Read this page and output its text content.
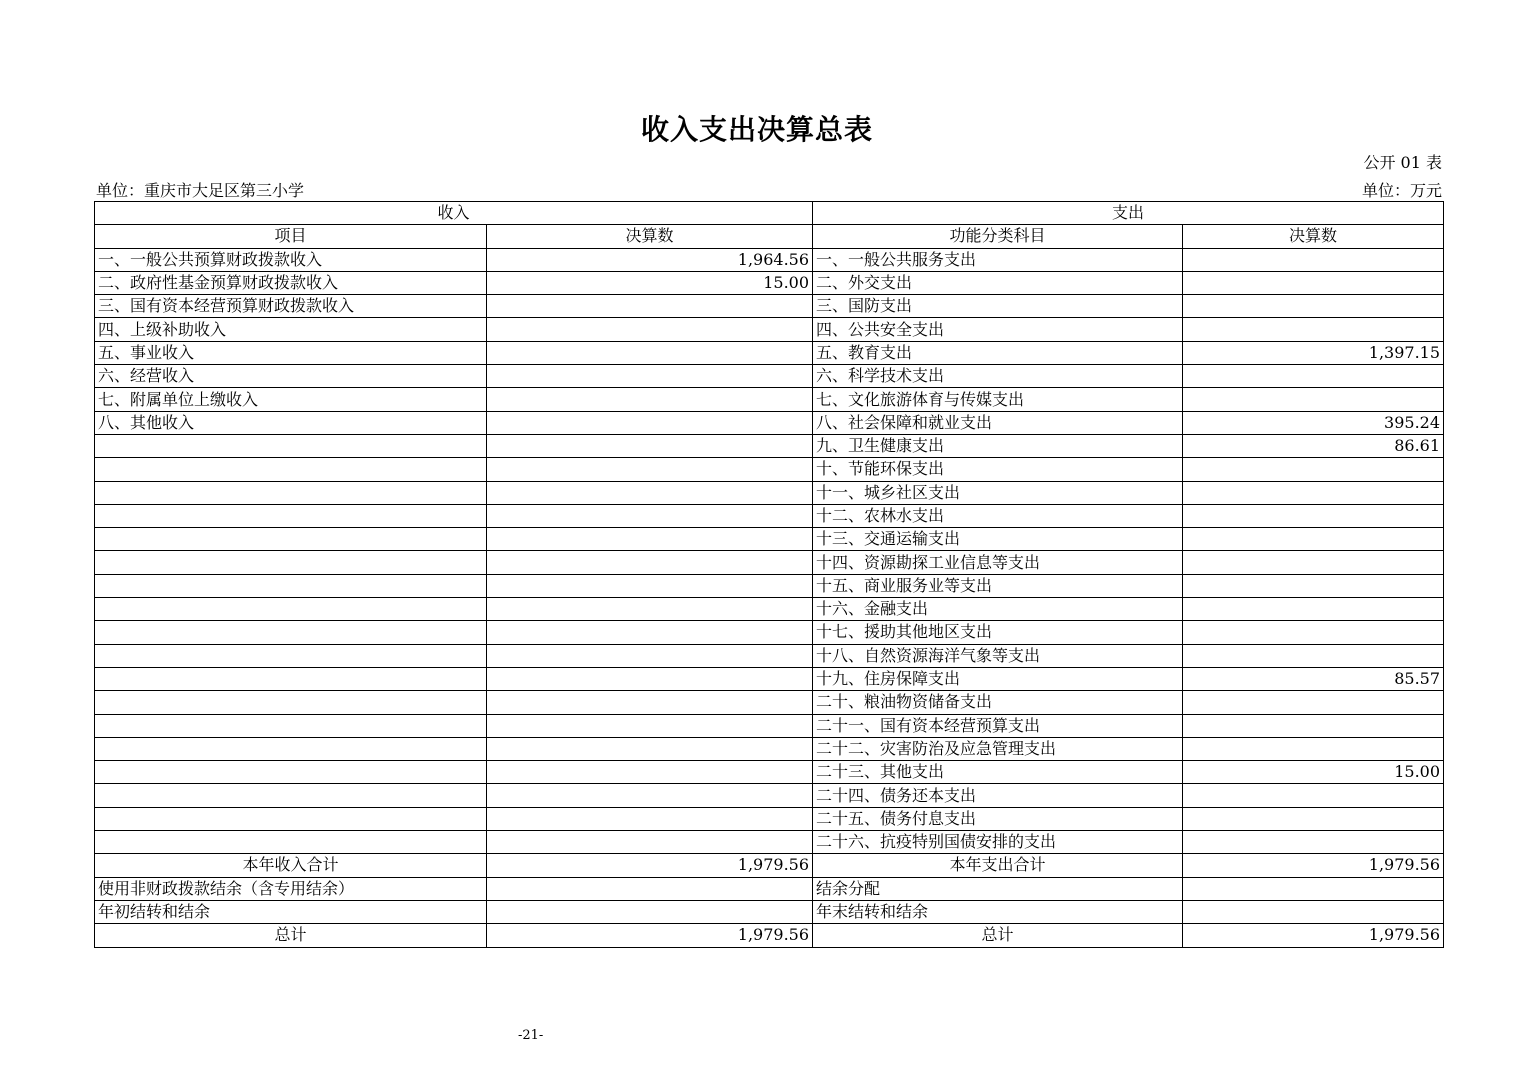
收入支出决算总表
公开 01 表
单位：重庆市大足区第三小学	单位：万元
收入		支出	
项目	决算数	功能分类科目	决算数
一、一般公共预算财政拨款收入	1,964.56	一、一般公共服务支出	
二、政府性基金预算财政拨款收入	15.00	二、外交支出	
三、国有资本经营预算财政拨款收入		三、国防支出	
四、上级补助收入		四、公共安全支出	
五、事业收入		五、教育支出	1,397.15
六、经营收入		六、科学技术支出	
七、附属单位上缴收入		七、文化旅游体育与传媒支出	
八、其他收入		八、社会保障和就业支出	395.24
		九、卫生健康支出	86.61
		十、节能环保支出	
		十一、城乡社区支出	
		十二、农林水支出	
		十三、交通运输支出	
		十四、资源勘探工业信息等支出	
		十五、商业服务业等支出	
		十六、金融支出	
		十七、援助其他地区支出	
		十八、自然资源海洋气象等支出	
		十九、住房保障支出	85.57
		二十、粮油物资储备支出	
		二十一、国有资本经营预算支出	
		二十二、灾害防治及应急管理支出	
		二十三、其他支出	15.00
		二十四、债务还本支出	
		二十五、债务付息支出	
		二十六、抗疫特别国债安排的支出	
本年收入合计	1,979.56	本年支出合计	1,979.56
使用非财政拨款结余（含专用结余）		结余分配	
年初结转和结余		年末结转和结余	
总计	1,979.56	总计	1,979.56
-21-
